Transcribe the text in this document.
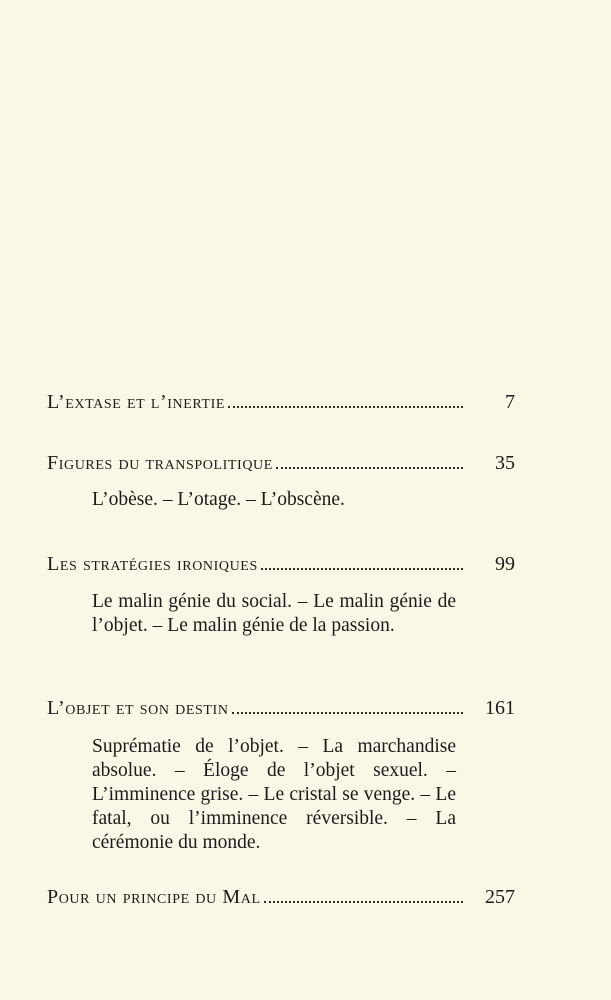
L’extase et l’inertie	7
Figures du transpolitique	35
L’obèse. – L’otage. – L’obscène.
Les stratégies ironiques	99
Le malin génie du social. – Le malin génie de l’objet. – Le malin génie de la passion.
L’objet et son destin	161
Suprématie de l’objet. – La marchandise absolue. – Éloge de l’objet sexuel. – L’imminence grise. – Le cristal se venge. – Le fatal, ou l’imminence réversible. – La cérémonie du monde.
Pour un principe du Mal	257
